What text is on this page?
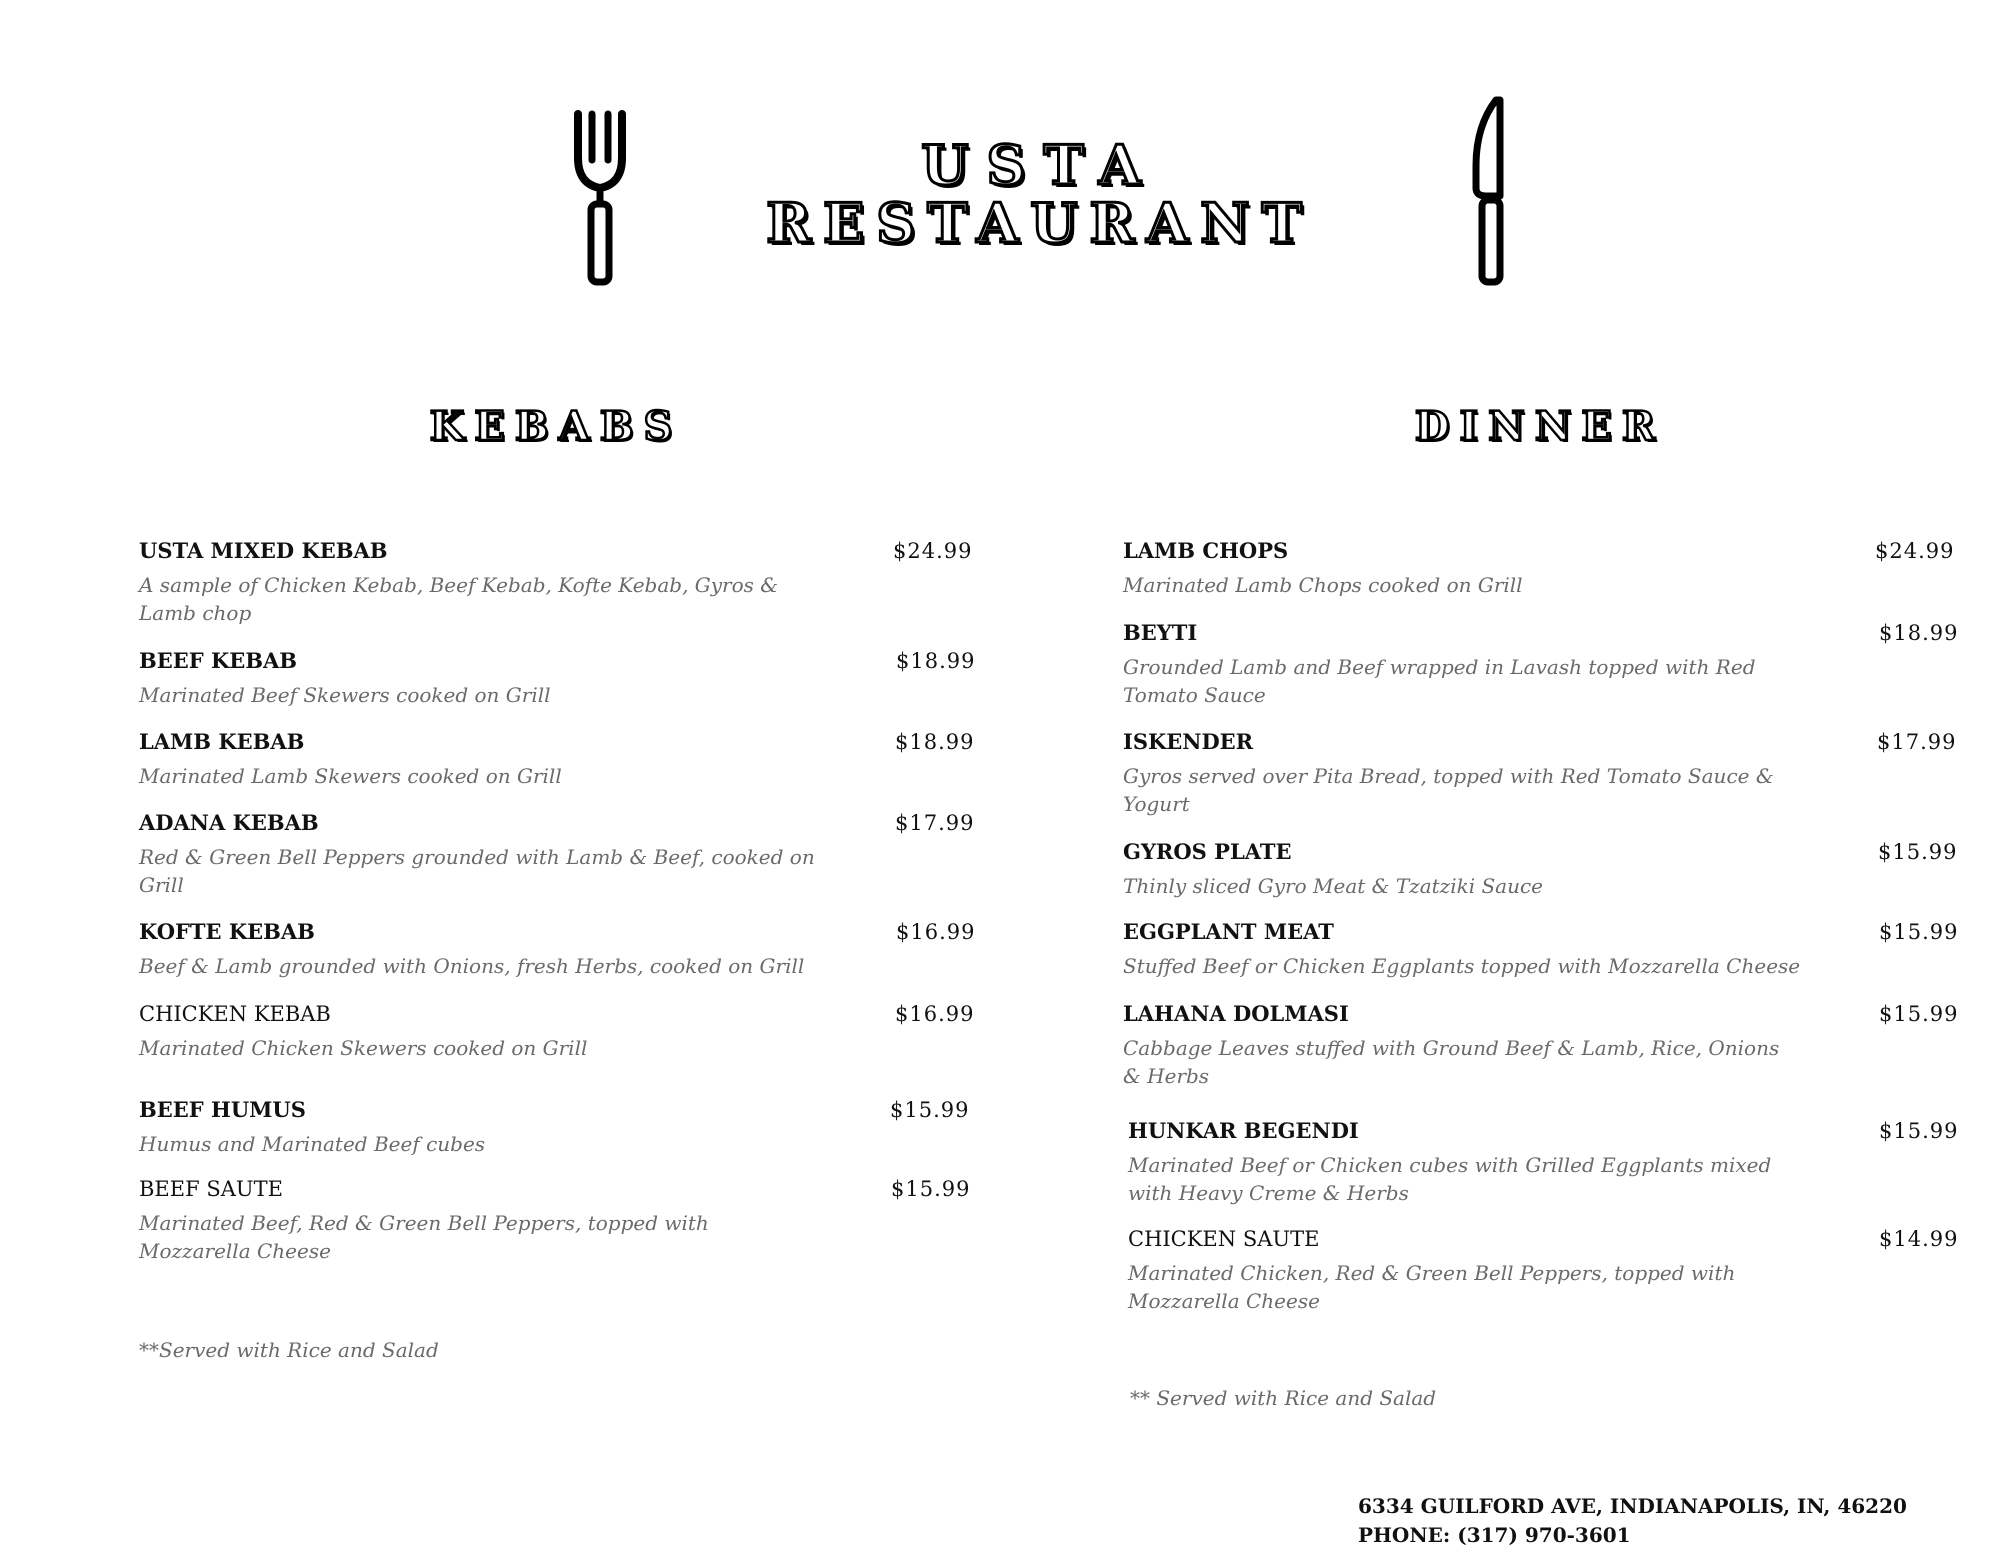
USTA
RESTAURANT
KEBABS	DINNER
USTA MIXED KEBAB	$24.99
A sample of Chicken Kebab, Beef Kebab, Kofte Kebab, Gyros & Lamb chop
BEEF KEBAB	$18.99
Marinated Beef Skewers cooked on Grill
LAMB KEBAB	$18.99
Marinated Lamb Skewers cooked on Grill
ADANA KEBAB	$17.99
Red & Green Bell Peppers grounded with Lamb & Beef, cooked on Grill
KOFTE KEBAB	$16.99
Beef & Lamb grounded with Onions, fresh Herbs, cooked on Grill
CHICKEN KEBAB	$16.99
Marinated Chicken Skewers cooked on Grill
BEEF HUMUS	$15.99
Humus and Marinated Beef cubes
BEEF SAUTE	$15.99
Marinated Beef, Red & Green Bell Peppers, topped with Mozzarella Cheese
**Served with Rice and Salad
LAMB CHOPS	$24.99
Marinated Lamb Chops cooked on Grill
BEYTI	$18.99
Grounded Lamb and Beef wrapped in Lavash topped with Red Tomato Sauce
ISKENDER	$17.99
Gyros served over Pita Bread, topped with Red Tomato Sauce & Yogurt
GYROS PLATE	$15.99
Thinly sliced Gyro Meat & Tzatziki Sauce
EGGPLANT MEAT	$15.99
Stuffed Beef or Chicken Eggplants topped with Mozzarella Cheese
LAHANA DOLMASI	$15.99
Cabbage Leaves stuffed with Ground Beef & Lamb, Rice, Onions & Herbs
HUNKAR BEGENDI	$15.99
Marinated Beef or Chicken cubes with Grilled Eggplants mixed with Heavy Creme & Herbs
CHICKEN SAUTE	$14.99
Marinated Chicken, Red & Green Bell Peppers, topped with Mozzarella Cheese
** Served with Rice and Salad
6334 GUILFORD AVE, INDIANAPOLIS, IN, 46220
PHONE: (317) 970-3601
